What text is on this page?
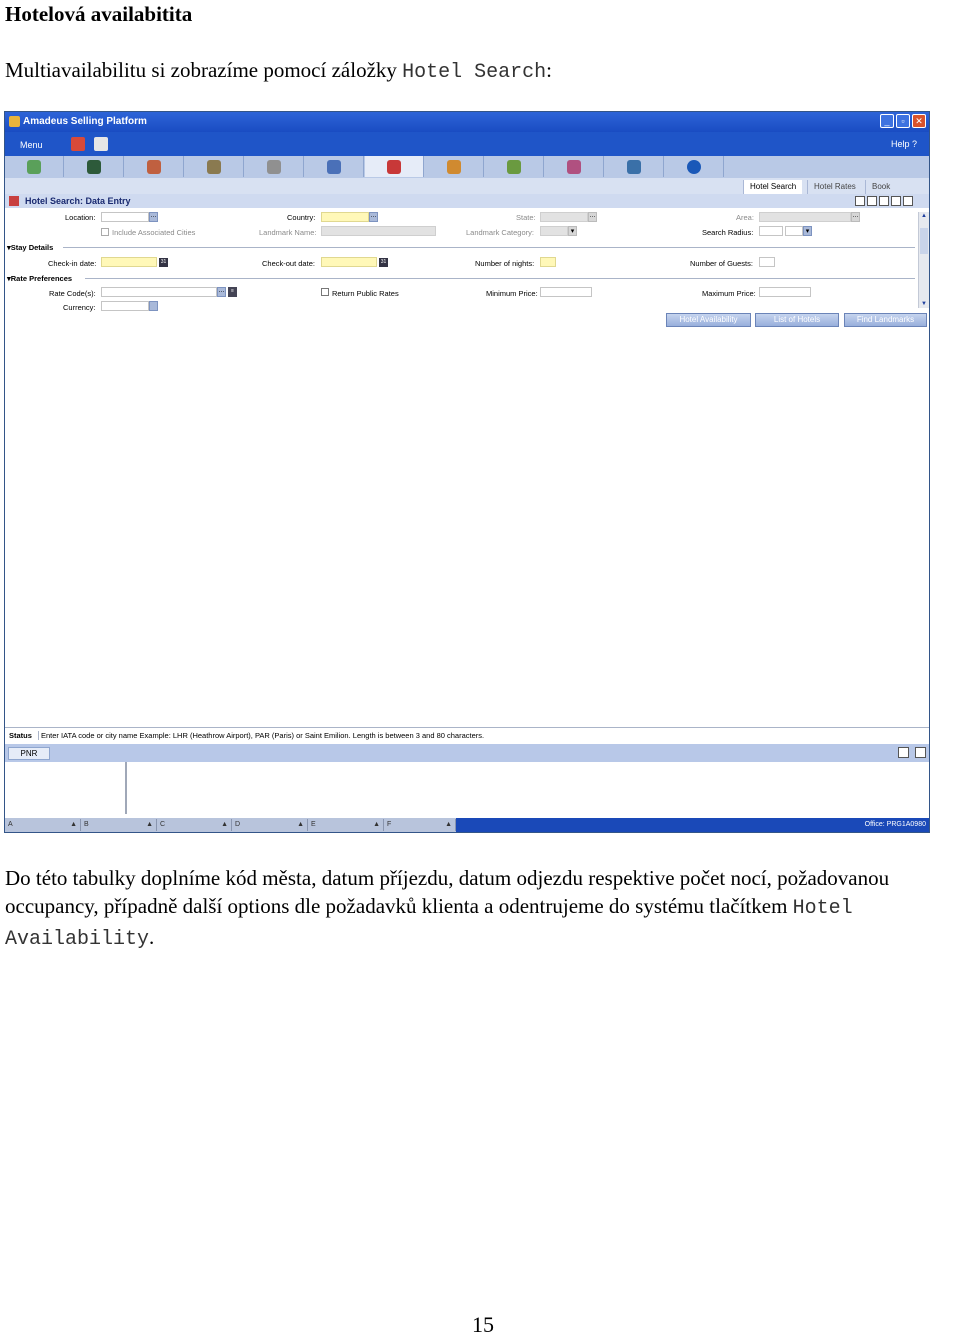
Hotelová availabitita
Multiavailabilitu si zobrazíme pomocí záložky Hotel Search:
Amadeus Selling Platform	_	▫	✕
Menu	Help ?
Hotel Search	Hotel Rates	Book
Hotel Search: Data Entry
Location:	...	Country:	...	State:	...	Area:	...
Include Associated Cities	Landmark Name:	Landmark Category:	▾	Search Radius:	▾
▾Stay Details
Check-in date:	31	Check-out date:	31	Number of nights:	Number of Guests:
▾Rate Preferences
Rate Code(s):	...	≡	Return Public Rates	Minimum Price:	Maximum Price:
Currency:
▲
▼
Hotel Availability	List of Hotels	Find Landmarks
Status	Enter IATA code or city name Example: LHR (Heathrow Airport), PAR (Paris) or Saint Emilion. Length is between 3 and 80 characters.
PNR
A	▲	B	▲	C	▲	D	▲	E	▲	F	▲	Office: PRG1A0980
Do této tabulky doplníme kód města, datum příjezdu, datum odjezdu respektive počet nocí, požadovanou occupancy, případně další options dle požadavků klienta a odentrujeme do systému tlačítkem Hotel Availability.
15
